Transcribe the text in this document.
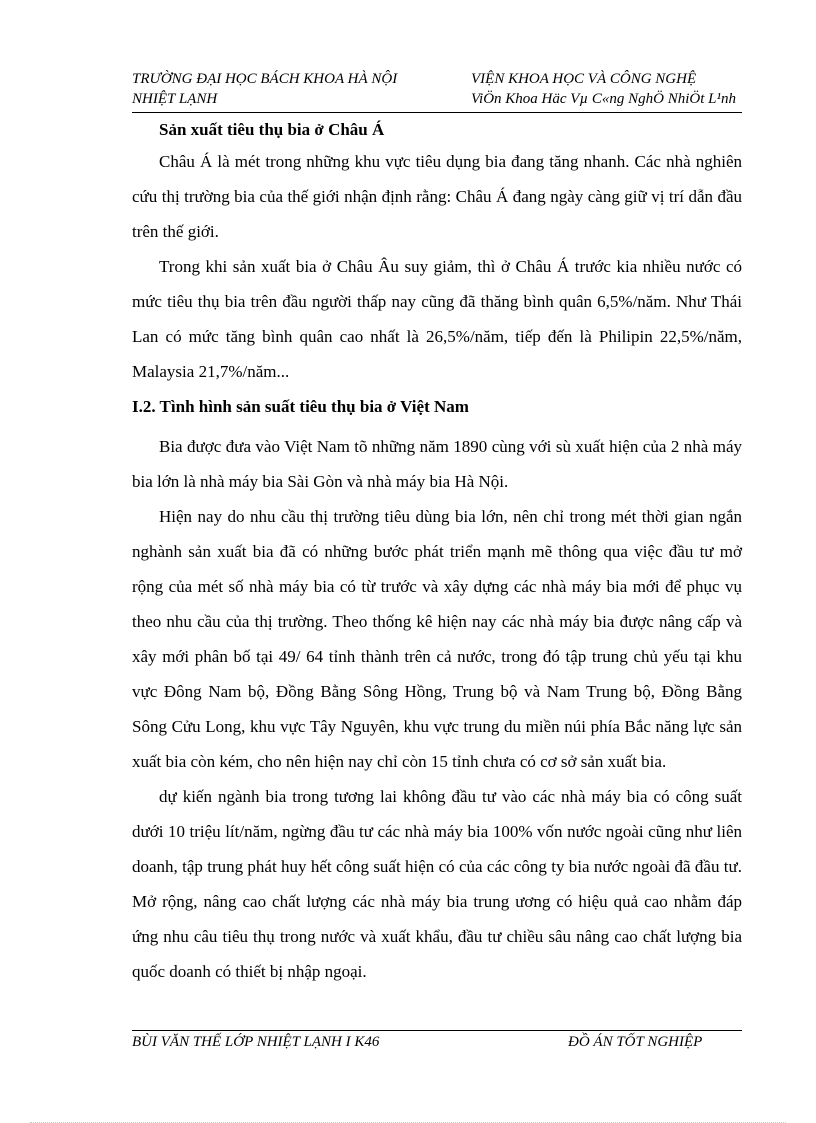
TRƯỜNG ĐẠI HỌC BÁCH KHOA HÀ NỘI	VIỆN KHOA HỌC VÀ CÔNG NGHỆ
NHIỆT LẠNH	ViÖn Khoa Häc Vµ C«ng NghÖ NhiÖt L¹nh
Sản xuất tiêu thụ bia ở Châu Á

Châu Á là mét trong những khu vực tiêu dụng bia đang tăng nhanh. Các nhà nghiên cứu thị trường bia của thế giới nhận định rằng: Châu Á đang ngày càng giữ vị trí dẫn đầu trên thế giới.

Trong khi sản xuất bia ở Châu Âu suy giảm, thì ở Châu Á trước kia nhiều nước có mức tiêu thụ bia trên đầu người thấp nay cũng đã thăng bình quân 6,5%/năm. Như Thái Lan có mức tăng bình quân cao nhất là 26,5%/năm, tiếp đến là Philipin 22,5%/năm, Malaysia 21,7%/năm...

I.2. Tình hình sản suất tiêu thụ bia ở Việt Nam

Bia được đưa vào Việt Nam tõ những năm 1890 cùng với sù xuất hiện của 2 nhà máy bia lớn là nhà máy bia Sài Gòn và nhà máy bia Hà Nội.

Hiện nay do nhu cầu thị trường tiêu dùng bia lớn, nên chỉ trong mét thời gian ngắn nghành sản xuất bia đã có những bước phát triển mạnh mẽ thông qua việc đầu tư mở rộng của mét số nhà máy bia có từ trước và xây dựng các nhà máy bia mới để phục vụ theo nhu cầu của thị trường. Theo thống kê hiện nay các nhà máy bia được nâng cấp và xây mới phân bố tại 49/ 64 tỉnh thành trên cả nước, trong đó tập trung chủ yếu tại khu vực Đông Nam bộ, Đồng Bằng Sông Hồng, Trung bộ và Nam Trung bộ, Đồng Bằng Sông Cửu Long, khu vực Tây Nguyên, khu vực trung du miền núi phía Bắc năng lực sản xuất bia còn kém, cho nên hiện nay chỉ còn 15 tỉnh chưa có cơ sở sản xuất bia.

dự kiến ngành bia trong tương lai không đầu tư vào các nhà máy bia có công suất dưới 10 triệu lít/năm, ngừng đầu tư các nhà máy bia 100% vốn nước ngoài cũng như liên doanh, tập trung phát huy hết công suất hiện có của các công ty bia nước ngoài đã đầu tư. Mở rộng, nâng cao chất lượng các nhà máy bia trung ương có hiệu quả cao nhằm đáp ứng nhu câu tiêu thụ trong nước và xuất khẩu, đầu tư chiều sâu nâng cao chất lượng bia quốc doanh có thiết bị nhập ngoại.

BÙI VĂN THẾ LỚP NHIỆT LẠNH I K46	ĐỒ ÁN TỐT NGHIỆP
